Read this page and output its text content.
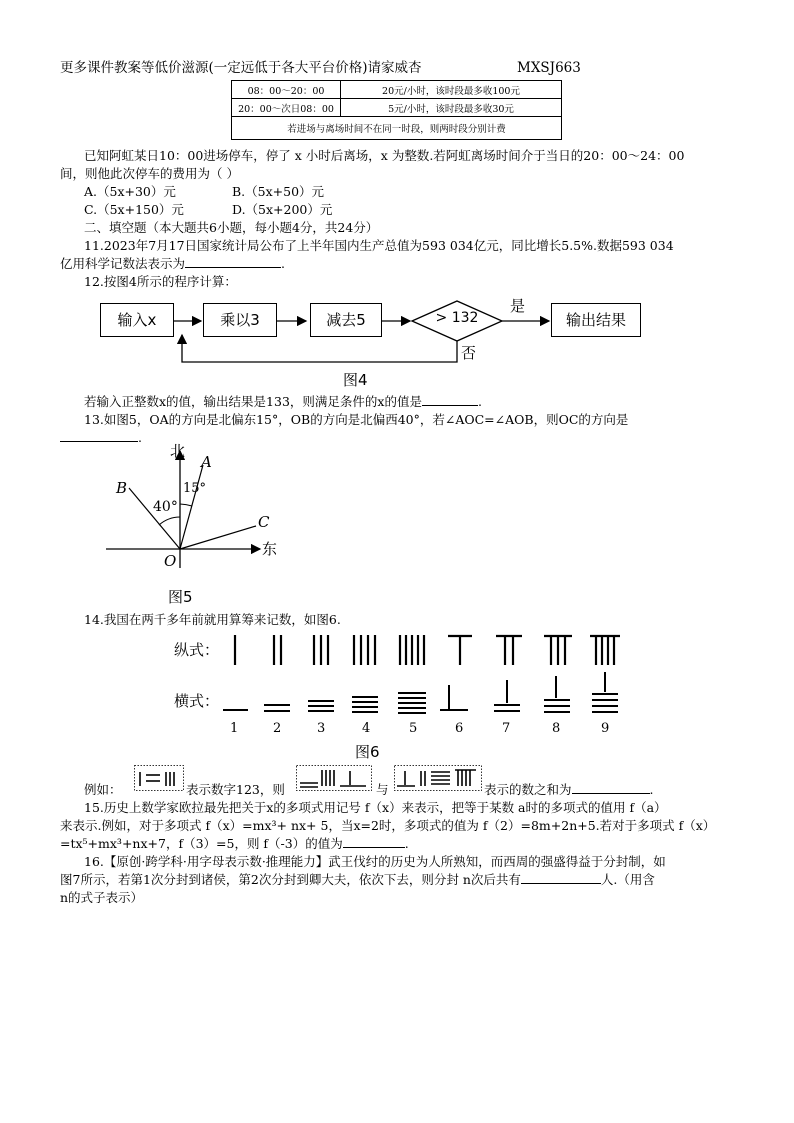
更多课件教案等低价滋源(一定远低于各大平台价格)请家威杏	MXSJ663
08：00～20：00	20元/小时，该时段最多收100元
20：00～次日08：00	5元/小时，该时段最多收30元
若进场与离场时间不在同一时段，则两时段分别计费	
已知阿虹某日10：00进场停车，停了 x 小时后离场，x 为整数.若阿虹离场时间介于当日的20：00～24：00
间，则他此次停车的费用为（ ）
A.（5x+30）元	B.（5x+50）元
C.（5x+150）元	D.（5x+200）元
二、填空题（本大题共6小题，每小题4分，共24分）
11.2023年7月17日国家统计局公布了上半年国内生产总值为593 034亿元，同比增长5.5%.数据593 034
亿用科学记数法表示为	.
12.按图4所示的程序计算：
输入x	乘以3	减去5	> 132	输出结果
是
否
图4
若输入正整数x的值，输出结果是133，则满足条件的x的值是	.
13.如图5，OA的方向是北偏东15°，OB的方向是北偏西40°，若∠AOC=∠AOB，则OC的方向是
.
北
东
A
B
C
O
15°
40°
图5
14.我国在两千多年前就用算筹来记数，如图6.
纵式：
横式：
1	2	3	4	5	6	7	8	9
图6
例如：	表示数字123，则	与	表示的数之和为	.
15.历史上数学家欧拉最先把关于x的多项式用记号 f（x）来表示，把等于某数 a时的多项式的值用 f（a）
来表示.例如，对于多项式 f（x）=mx³+ nx+ 5，当x=2时，多项式的值为 f（2）=8m+2n+5.若对于多项式 f（x）
=tx⁵+mx³+nx+7，f（3）=5，则 f（-3）的值为	.
16.【原创·跨学科·用字母表示数·推理能力】武王伐纣的历史为人所熟知，而西周的强盛得益于分封制，如
图7所示，若第1次分封到诸侯，第2次分封到卿大夫，依次下去，则分封 n次后共有	人.（用含
n的式子表示）
